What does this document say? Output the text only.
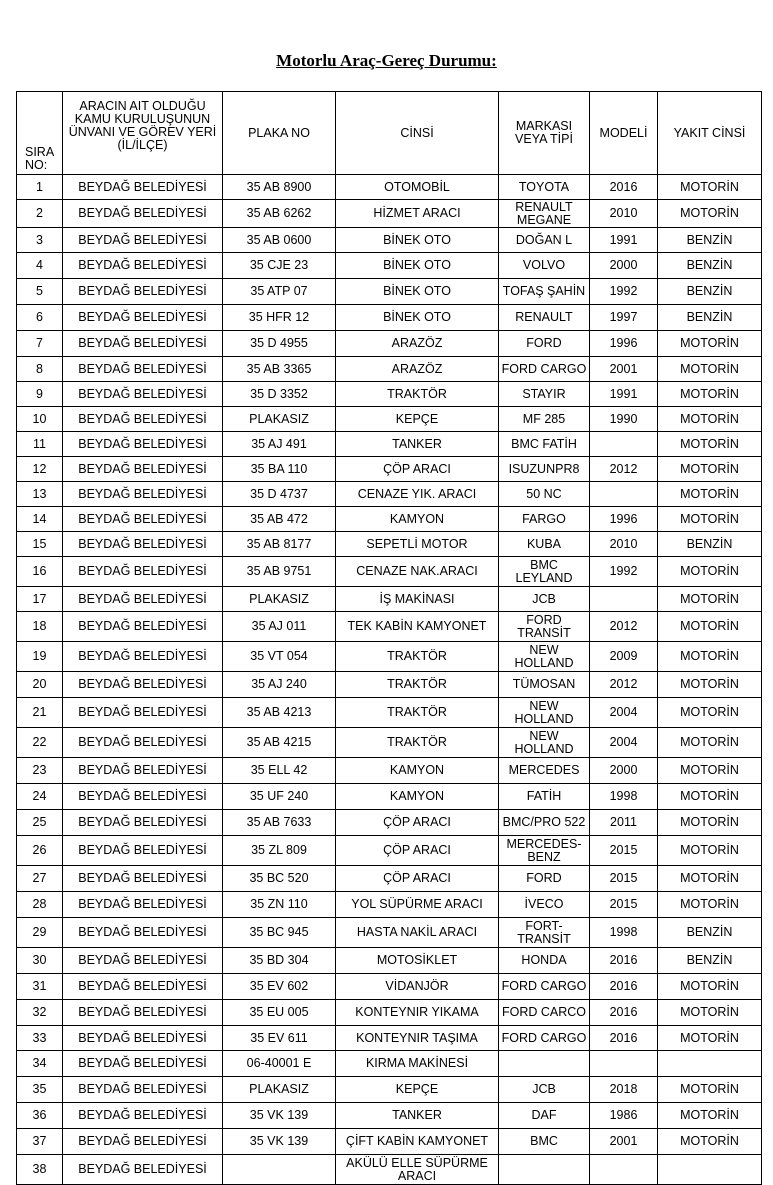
Motorlu Araç-Gereç Durumu:
SIRA NO:	ARACIN AIT OLDUĞU KAMU KURULUŞUNUN ÜNVANI VE GÖREV YERİ (İL/İLÇE)	PLAKA NO	CİNSİ	MARKASI VEYA TİPİ	MODELİ	YAKIT CİNSİ
1	BEYDAĞ BELEDİYESİ	35 AB 8900	OTOMOBİL	TOYOTA	2016	MOTORİN
2	BEYDAĞ BELEDİYESİ	35 AB 6262	HİZMET ARACI	RENAULT MEGANE	2010	MOTORİN
3	BEYDAĞ BELEDİYESİ	35 AB 0600	BİNEK OTO	DOĞAN L	1991	BENZİN
4	BEYDAĞ BELEDİYESİ	35 CJE 23	BİNEK OTO	VOLVO	2000	BENZİN
5	BEYDAĞ BELEDİYESİ	35 ATP 07	BİNEK OTO	TOFAŞ ŞAHİN	1992	BENZİN
6	BEYDAĞ BELEDİYESİ	35 HFR 12	BİNEK OTO	RENAULT	1997	BENZİN
7	BEYDAĞ BELEDİYESİ	35 D 4955	ARAZÖZ	FORD	1996	MOTORİN
8	BEYDAĞ BELEDİYESİ	35 AB 3365	ARAZÖZ	FORD CARGO	2001	MOTORİN
9	BEYDAĞ BELEDİYESİ	35 D 3352	TRAKTÖR	STAYIR	1991	MOTORİN
10	BEYDAĞ BELEDİYESİ	PLAKASIZ	KEPÇE	MF 285	1990	MOTORİN
11	BEYDAĞ BELEDİYESİ	35 AJ 491	TANKER	BMC FATİH		MOTORİN
12	BEYDAĞ BELEDİYESİ	35 BA 110	ÇÖP ARACI	ISUZUNPR8	2012	MOTORİN
13	BEYDAĞ BELEDİYESİ	35 D 4737	CENAZE YIK. ARACI	50 NC		MOTORİN
14	BEYDAĞ BELEDİYESİ	35 AB 472	KAMYON	FARGO	1996	MOTORİN
15	BEYDAĞ BELEDİYESİ	35 AB 8177	SEPETLİ MOTOR	KUBA	2010	BENZİN
16	BEYDAĞ BELEDİYESİ	35 AB 9751	CENAZE NAK.ARACI	BMC LEYLAND	1992	MOTORİN
17	BEYDAĞ BELEDİYESİ	PLAKASIZ	İŞ MAKİNASI	JCB		MOTORİN
18	BEYDAĞ BELEDİYESİ	35 AJ 011	TEK KABİN KAMYONET	FORD TRANSİT	2012	MOTORİN
19	BEYDAĞ BELEDİYESİ	35 VT 054	TRAKTÖR	NEW HOLLAND	2009	MOTORİN
20	BEYDAĞ BELEDİYESİ	35 AJ 240	TRAKTÖR	TÜMOSAN	2012	MOTORİN
21	BEYDAĞ BELEDİYESİ	35 AB 4213	TRAKTÖR	NEW HOLLAND	2004	MOTORİN
22	BEYDAĞ BELEDİYESİ	35 AB 4215	TRAKTÖR	NEW HOLLAND	2004	MOTORİN
23	BEYDAĞ BELEDİYESİ	35 ELL 42	KAMYON	MERCEDES	2000	MOTORİN
24	BEYDAĞ BELEDİYESİ	35 UF 240	KAMYON	FATİH	1998	MOTORİN
25	BEYDAĞ BELEDİYESİ	35 AB 7633	ÇÖP ARACI	BMC/PRO 522	2011	MOTORİN
26	BEYDAĞ BELEDİYESİ	35 ZL 809	ÇÖP ARACI	MERCEDES-BENZ	2015	MOTORİN
27	BEYDAĞ BELEDİYESİ	35 BC 520	ÇÖP ARACI	FORD	2015	MOTORİN
28	BEYDAĞ BELEDİYESİ	35 ZN 110	YOL SÜPÜRME ARACI	İVECO	2015	MOTORİN
29	BEYDAĞ BELEDİYESİ	35 BC 945	HASTA NAKİL ARACI	FORT-TRANSİT	1998	BENZİN
30	BEYDAĞ BELEDİYESİ	35 BD 304	MOTOSİKLET	HONDA	2016	BENZİN
31	BEYDAĞ BELEDİYESİ	35 EV 602	VİDANJÖR	FORD CARGO	2016	MOTORİN
32	BEYDAĞ BELEDİYESİ	35 EU 005	KONTEYNIR YIKAMA	FORD CARCO	2016	MOTORİN
33	BEYDAĞ BELEDİYESİ	35 EV 611	KONTEYNIR TAŞIMA	FORD CARGO	2016	MOTORİN
34	BEYDAĞ BELEDİYESİ	06-40001 E	KIRMA MAKİNESİ			
35	BEYDAĞ BELEDİYESİ	PLAKASIZ	KEPÇE	JCB	2018	MOTORİN
36	BEYDAĞ BELEDİYESİ	35 VK 139	TANKER	DAF	1986	MOTORİN
37	BEYDAĞ BELEDİYESİ	35 VK 139	ÇİFT KABİN KAMYONET	BMC	2001	MOTORİN
38	BEYDAĞ BELEDİYESİ		AKÜLÜ ELLE SÜPÜRME ARACI			
